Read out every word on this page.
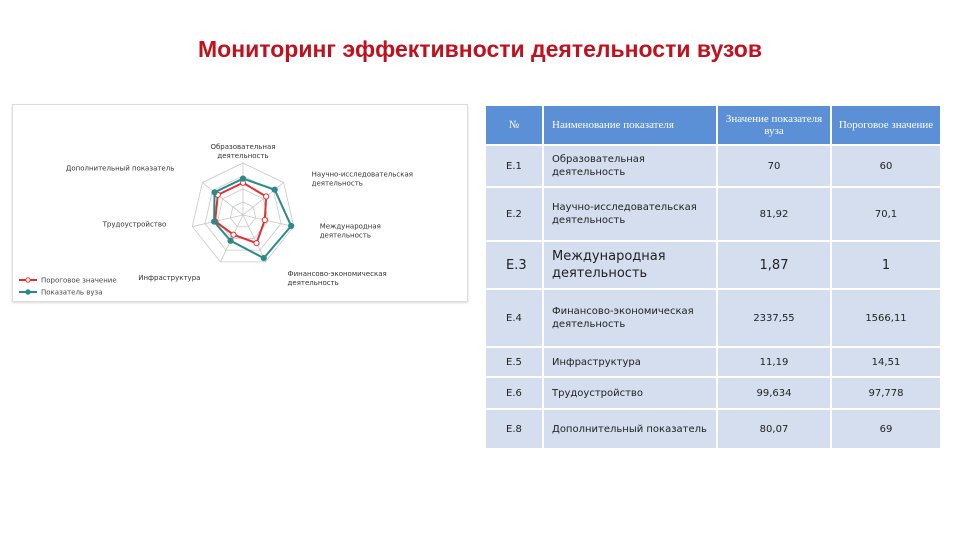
Мониторинг эффективности деятельности вузов
Образовательная
деятельность
Научно-исследовательская
деятельность
Международная
деятельность
Финансово-экономическая
деятельность
Инфраструктура
Трудоустройство
Дополнительный показатель
Пороговое значение
Показатель вуза
№	Наименование показателя	Значение показателя вуза	Пороговое значение
E.1	Образовательная деятельность	70	60
E.2	Научно-исследовательская деятельность	81,92	70,1
E.3	Международная деятельность	1,87	1
E.4	Финансово-экономическая деятельность	2337,55	1566,11
E.5	Инфраструктура	11,19	14,51
E.6	Трудоустройство	99,634	97,778
E.8	Дополнительный показатель	80,07	69
